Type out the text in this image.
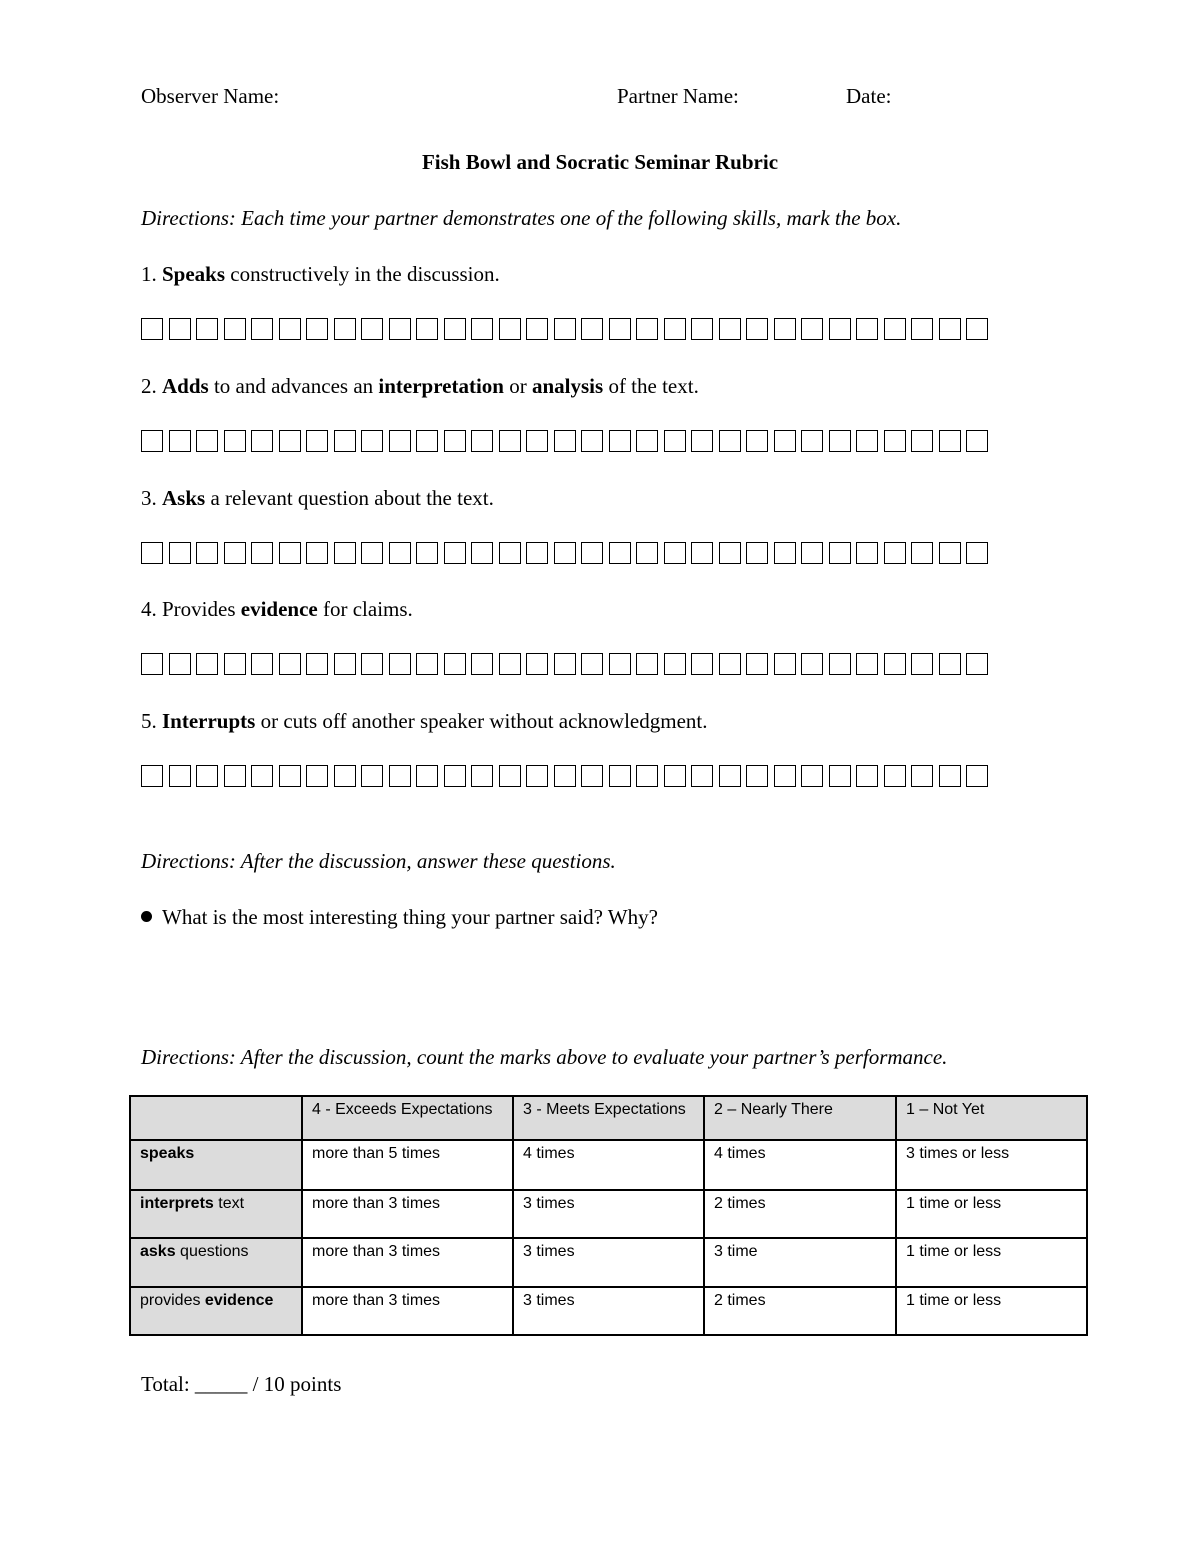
Observer Name:	Partner Name:	Date:
Fish Bowl and Socratic Seminar Rubric
Directions: Each time your partner demonstrates one of the following skills, mark the box.
1. Speaks constructively in the discussion.
2. Adds to and advances an interpretation or analysis of the text.
3. Asks a relevant question about the text.
4. Provides evidence for claims.
5. Interrupts or cuts off another speaker without acknowledgment.
Directions: After the discussion, answer these questions.
What is the most interesting thing your partner said? Why?
Directions: After the discussion, count the marks above to evaluate your partner’s performance.
	4 - Exceeds Expectations	3 - Meets Expectations	2 – Nearly There	1 – Not Yet
speaks	more than 5 times	4 times	4 times	3 times or less
interprets text	more than 3 times	3 times	2 times	1 time or less
asks questions	more than 3 times	3 times	3 time	1 time or less
provides evidence	more than 3 times	3 times	2 times	1 time or less
Total: _____ / 10 points
